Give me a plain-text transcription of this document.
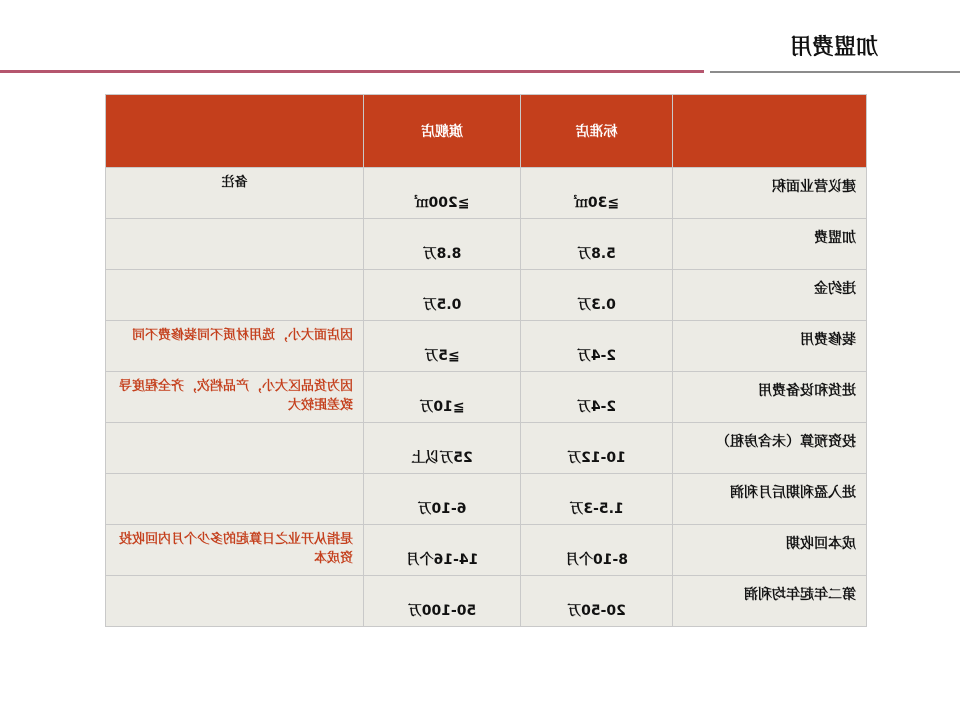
加盟费用

	旗舰店	标准店	

备注	≧200㎡	≧30㎡	建议营业面积

	8.8万	5.8万	加盟费

	0.5万	0.3万	违约金

因店面大小，选用材质不同装修费不同	≧5万	2-4万	装修费用

因为货品区大小，产品档次，齐全程度导致差距较大	≧10万	2-4万	进货和设备费用

	25万以上	10-12万	投资预算（未含房租）

	6-10万	1.5-3万	进入盈利期后月利润

是指从开业之日算起的多少个月内回收投资成本	14-16个月	8-10个月	成本回收期

	50-100万	20-50万	第二年起年均利润
